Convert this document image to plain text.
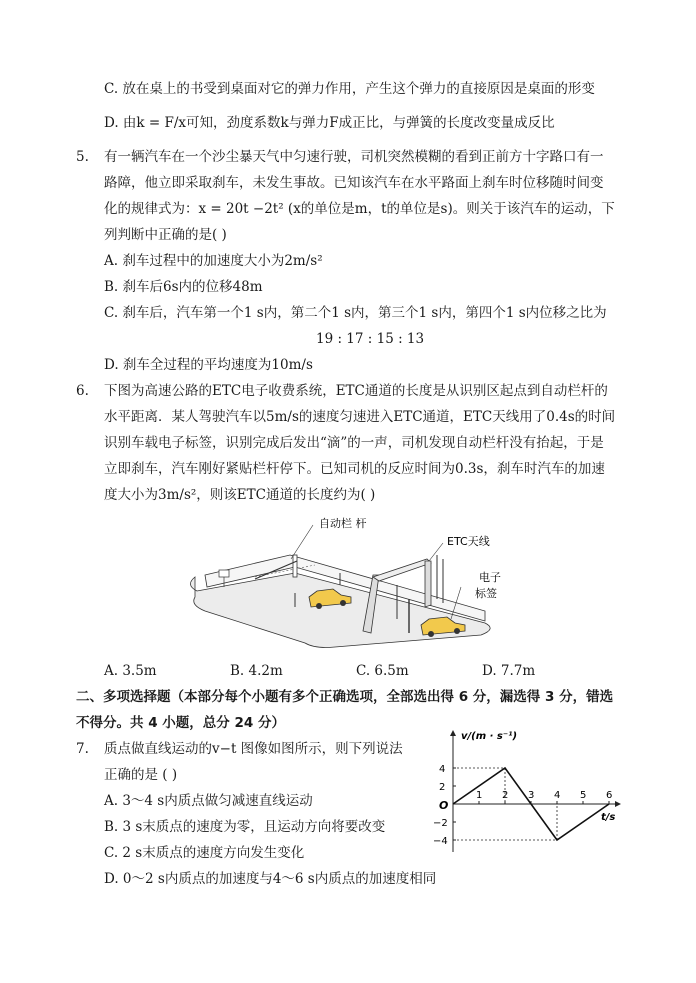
C. 放在桌上的书受到桌面对它的弹力作用，产生这个弹力的直接原因是桌面的形变
D. 由k = F/x可知，劲度系数k与弹力F成正比，与弹簧的长度改变量成反比
5. 有一辆汽车在一个沙尘暴天气中匀速行驶，司机突然模糊的看到正前方十字路口有一
路障，他立即采取刹车，未发生事故。已知该汽车在水平路面上刹车时位移随时间变
化的规律式为：x = 20t −2t² (x的单位是m，t的单位是s)。则关于该汽车的运动，下
列判断中正确的是( )
A. 刹车过程中的加速度大小为2m/s²
B. 刹车后6s内的位移48m
C. 刹车后，汽车第一个1 s内，第二个1 s内，第三个1 s内，第四个1 s内位移之比为
19 : 17 : 15 : 13
D. 刹车全过程的平均速度为10m/s
6. 下图为高速公路的ETC电子收费系统，ETC通道的长度是从识别区起点到自动栏杆的
水平距离．某人驾驶汽车以5m/s的速度匀速进入ETC通道，ETC天线用了0.4s的时间
识别车载电子标签，识别完成后发出“滴”的一声，司机发现自动栏杆没有抬起，于是
立即刹车，汽车刚好紧贴栏杆停下。已知司机的反应时间为0.3s，刹车时汽车的加速
度大小为3m/s²，则该ETC通道的长度约为( )
自动栏 杆
ETC天线
电子
标签
A. 3.5m	B. 4.2m	C. 6.5m	D. 7.7m
二、多项选择题（本部分每个小题有多个正确选项，全部选出得 6 分，漏选得 3 分，错选
不得分。共 4 小题，总分 24 分）
7. 质点做直线运动的v−t 图像如图所示，则下列说法
正确的是 ( )
A. 3～4 s内质点做匀减速直线运动
B. 3 s末质点的速度为零，且运动方向将要改变
C. 2 s末质点的速度方向发生变化
D. 0～2 s内质点的加速度与4～6 s内质点的加速度相同
v/(m · s⁻¹)
t/s
O
1 2 3 4 5 6
4
2
−2
−4
